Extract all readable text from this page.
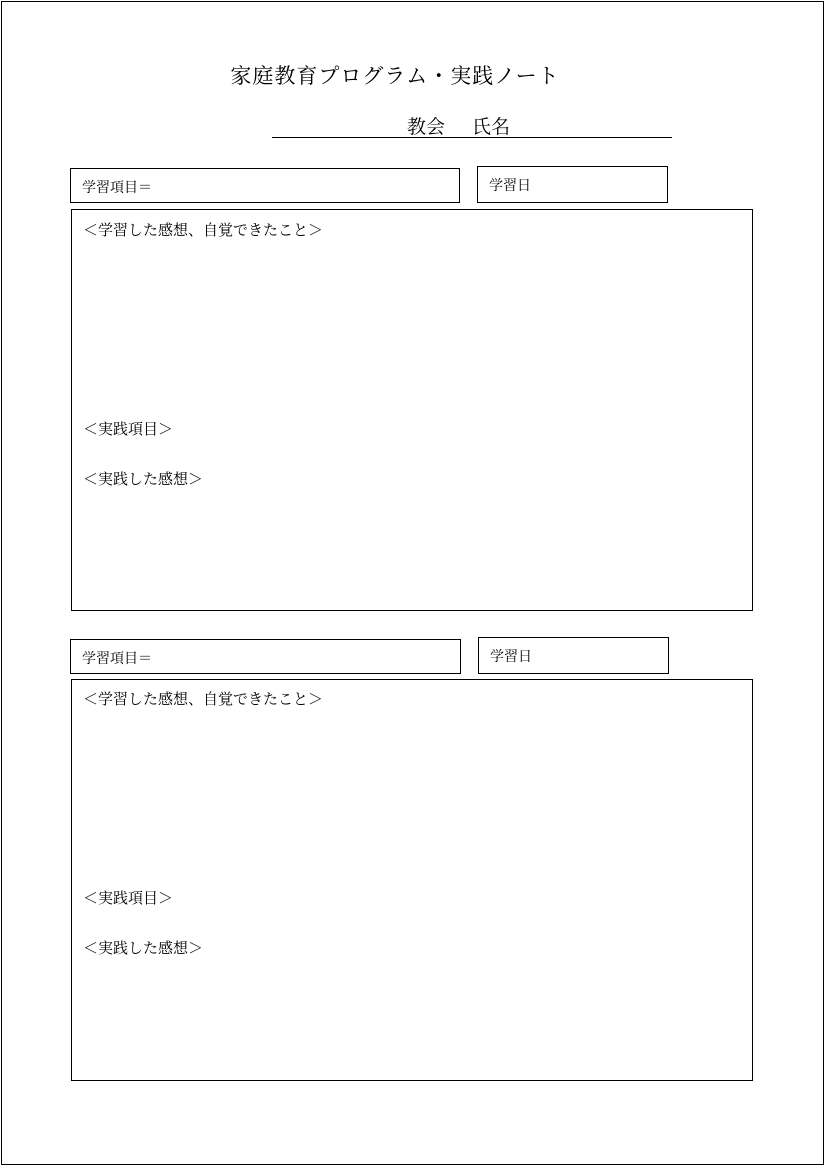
家庭教育プログラム・実践ノート
教会 氏名
学習項目＝	学習日
＜学習した感想、自覚できたこと＞
＜実践項目＞
＜実践した感想＞
学習項目＝	学習日
＜学習した感想、自覚できたこと＞
＜実践項目＞
＜実践した感想＞
